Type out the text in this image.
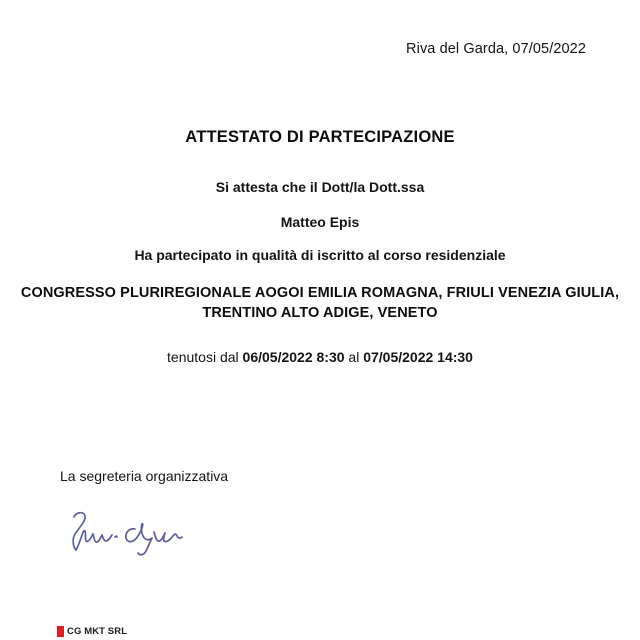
Riva del Garda, 07/05/2022
ATTESTATO DI PARTECIPAZIONE
Si attesta che il Dott/la Dott.ssa
Matteo Epis
Ha partecipato in qualità di iscritto al corso residenziale
CONGRESSO PLURIREGIONALE AOGOI EMILIA ROMAGNA, FRIULI VENEZIA GIULIA,
TRENTINO ALTO ADIGE, VENETO
tenutosi dal 06/05/2022 8:30 al 07/05/2022 14:30
La segreteria organizzativa
CG MKT SRL
